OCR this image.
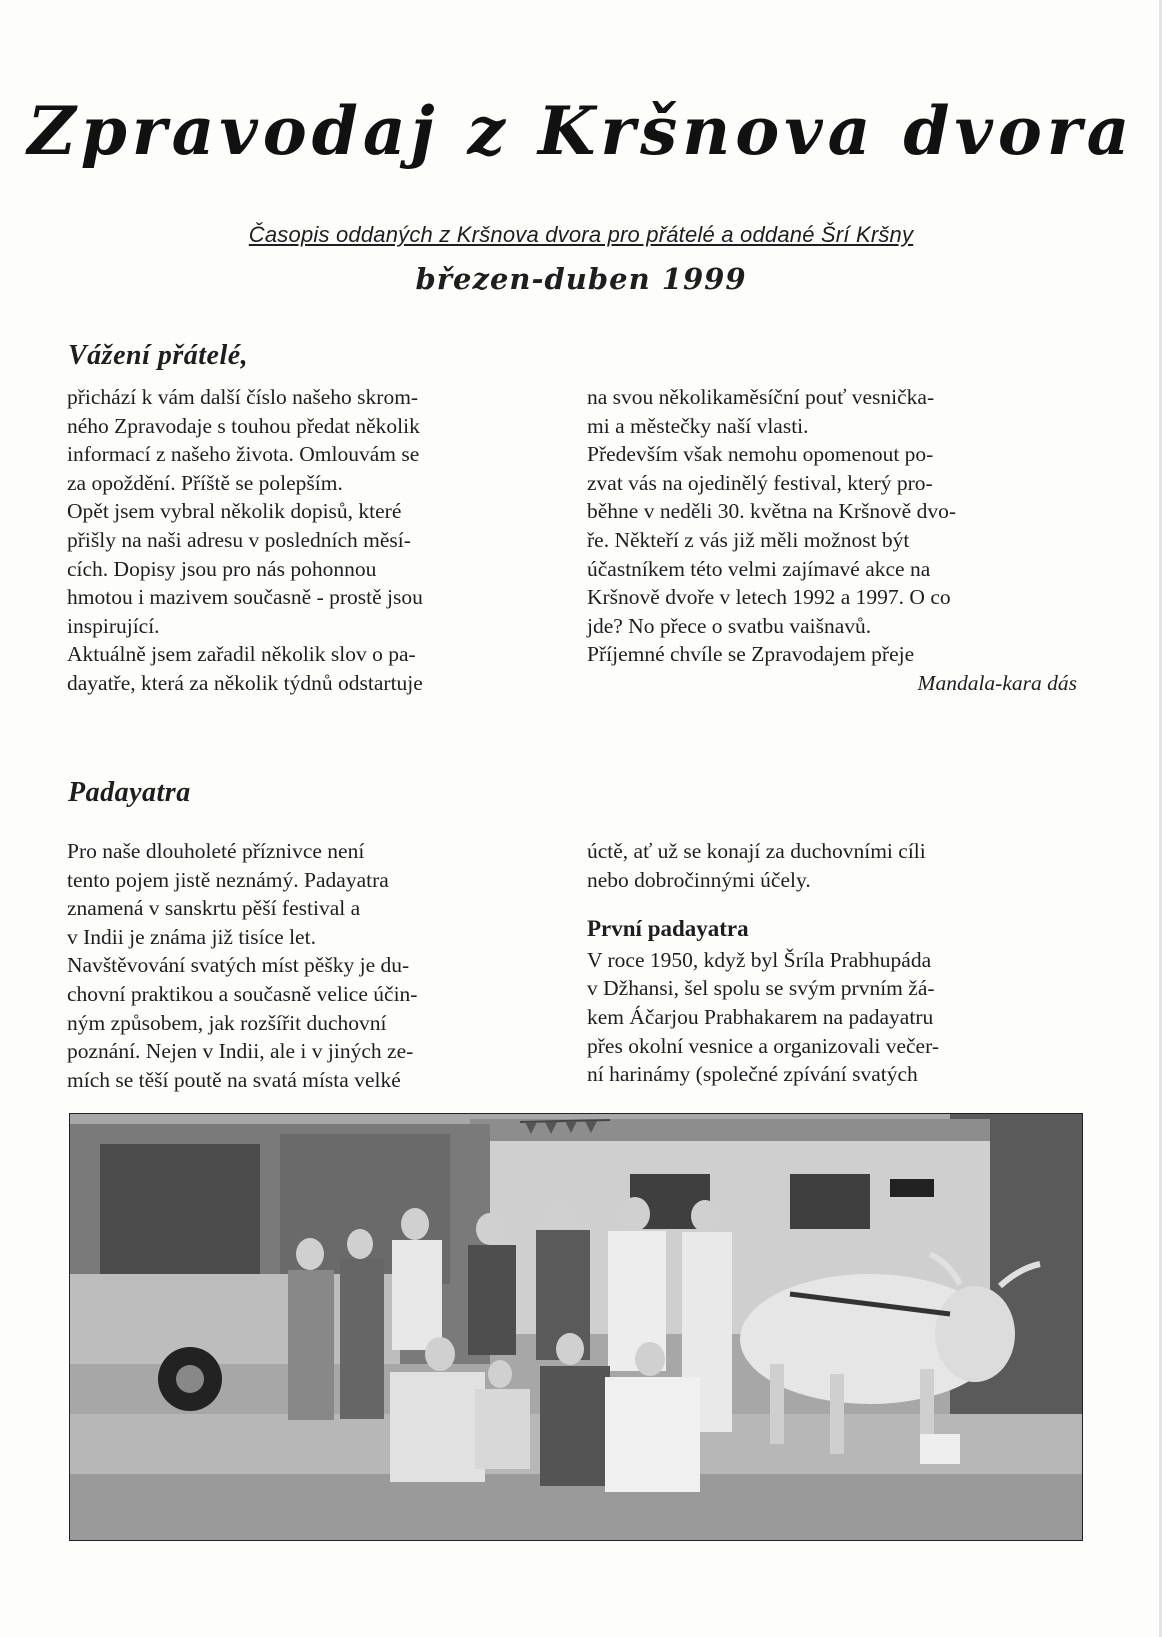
Zpravodaj z Kršnova dvora
Časopis oddaných z Kršnova dvora pro přátelé a oddané Šrí Kršny
březen-duben 1999
Vážení přátelé,

přichází k vám další číslo našeho skrom-

ného Zpravodaje s touhou předat několik

informací z našeho života. Omlouvám se

za opoždění. Příště se polepším.

Opět jsem vybral několik dopisů, které

přišly na naši adresu v posledních měsí-

cích. Dopisy jsou pro nás pohonnou

hmotou i mazivem současně - prostě jsou

inspirující.

Aktuálně jsem zařadil několik slov o pa-

dayatře, která za několik týdnů odstartuje

na svou několikaměsíční pouť vesnička-

mi a městečky naší vlasti.

Především však nemohu opomenout po-

zvat vás na ojedinělý festival, který pro-

běhne v neděli 30. května na Kršnově dvo-

ře. Někteří z vás již měli možnost být

účastníkem této velmi zajímavé akce na

Kršnově dvoře v letech 1992 a 1997. O co

jde? No přece o svatbu vaišnavů.

Příjemné chvíle se Zpravodajem přeje

Mandala-kara dás
Padayatra

Pro naše dlouholeté příznivce není

tento pojem jistě neznámý. Padayatra

znamená v sanskrtu pěší festival a

v Indii je známa již tisíce let.

Navštěvování svatých míst pěšky je du-

chovní praktikou a současně velice účin-

ným způsobem, jak rozšířit duchovní

poznání. Nejen v Indii, ale i v jiných ze-

mích se těší poutě na svatá místa velké

úctě, ať už se konají za duchovními cíli

nebo dobročinnými účely.

První padayatra

V roce 1950, když byl Šríla Prabhupáda

v Džhansi, šel spolu se svým prvním žá-

kem Áčarjou Prabhakarem na padayatru

přes okolní vesnice a organizovali večer-

ní harinámy (společné zpívání svatých
